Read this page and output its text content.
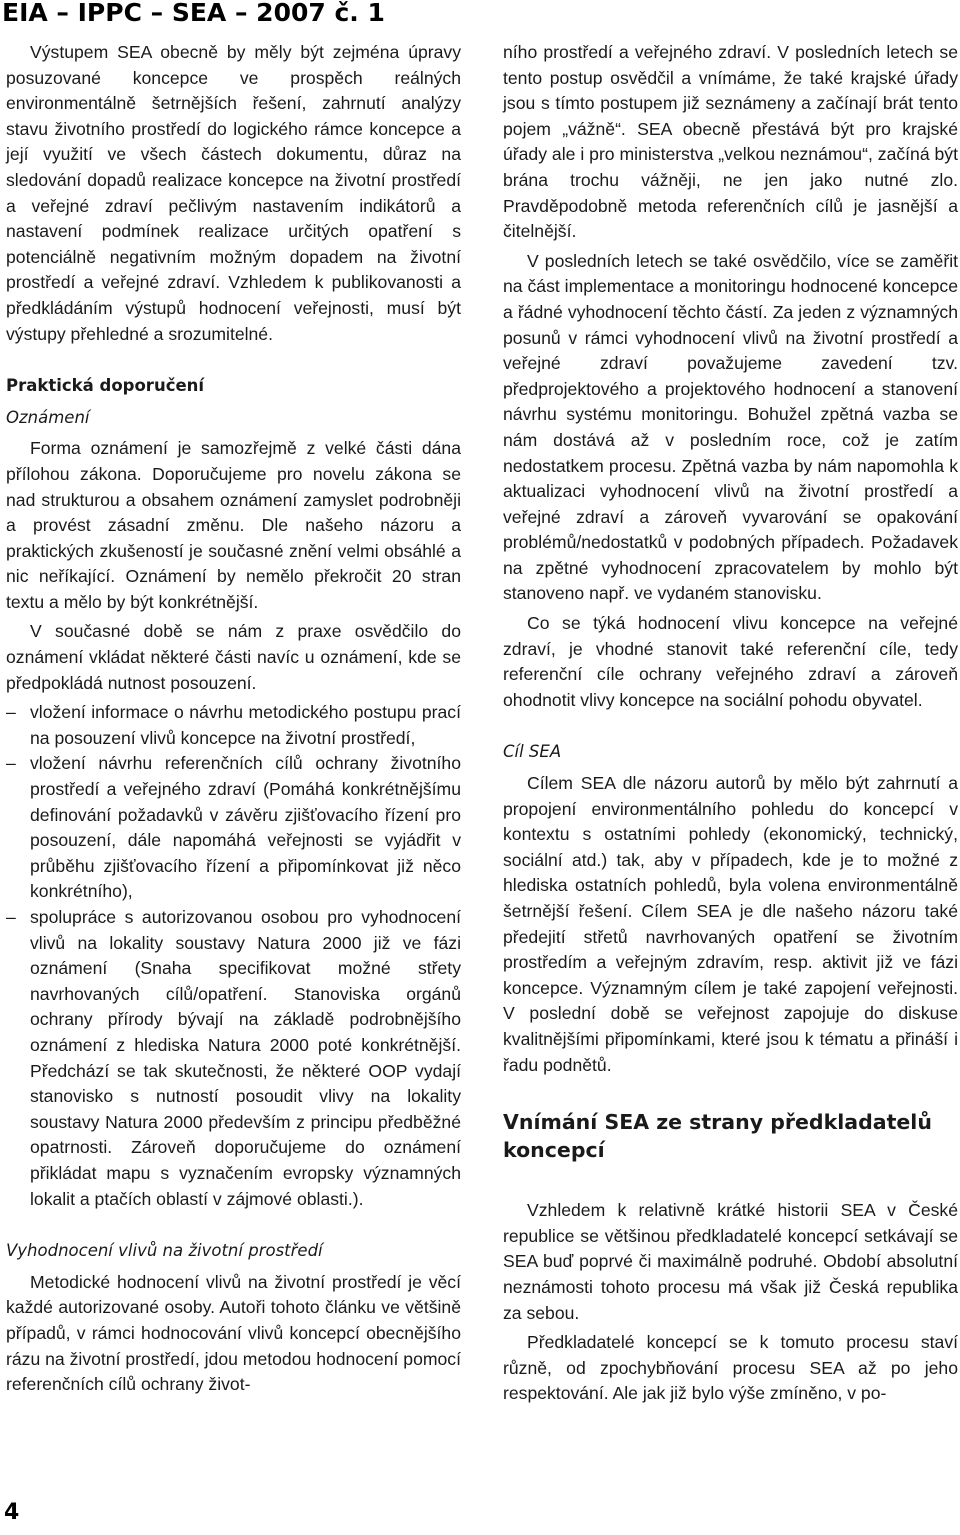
EIA – IPPC – SEA – 2007 č. 1

Výstupem SEA obecně by měly být zejména úpravy posuzované koncepce ve prospěch reálných environmentálně šetrnějších řešení, zahrnutí analýzy stavu životního prostředí do logického rámce koncepce a její využití ve všech částech dokumentu, důraz na sledování dopadů realizace koncepce na životní prostředí a veřejné zdraví pečlivým nastavením indikátorů a nastavení podmínek realizace určitých opatření s potenciálně negativním možným dopadem na životní prostředí a veřejné zdraví. Vzhledem k publikovanosti a předkládáním výstupů hodnocení veřejnosti, musí být výstupy přehledné a srozumitelné.

Praktická doporučení
Oznámení

Forma oznámení je samozřejmě z velké části dána přílohou zákona. Doporučujeme pro novelu zákona se nad strukturou a obsahem oznámení zamyslet podrobněji a provést zásadní změnu. Dle našeho názoru a praktických zkušeností je současné znění velmi obsáhlé a nic neříkající. Oznámení by nemělo překročit 20 stran textu a mělo by být konkrétnější.

V současné době se nám z praxe osvědčilo do oznámení vkládat některé části navíc u oznámení, kde se předpokládá nutnost posouzení.

– vložení informace o návrhu metodického postupu prací na posouzení vlivů koncepce na životní prostředí,
– vložení návrhu referenčních cílů ochrany životního prostředí a veřejného zdraví (Pomáhá konkrétnějšímu definování požadavků v závěru zjišťovacího řízení pro posouzení, dále napomáhá veřejnosti se vyjádřit v průběhu zjišťovacího řízení a připomínkovat již něco konkrétního),
– spolupráce s autorizovanou osobou pro vyhodnocení vlivů na lokality soustavy Natura 2000 již ve fázi oznámení (Snaha specifikovat možné střety navrhovaných cílů/opatření. Stanoviska orgánů ochrany přírody bývají na základě podrobnějšího oznámení z hlediska Natura 2000 poté konkrétnější. Předchází se tak skutečnosti, že některé OOP vydají stanovisko s nutností posoudit vlivy na lokality soustavy Natura 2000 především z principu předběžné opatrnosti. Zároveň doporučujeme do oznámení přikládat mapu s vyznačením evropsky významných lokalit a ptačích oblastí v zájmové oblasti.).
Vyhodnocení vlivů na životní prostředí

Metodické hodnocení vlivů na životní prostředí je věcí každé autorizované osoby. Autoři tohoto článku ve většině případů, v rámci hodnocování vlivů koncepcí obecnějšího rázu na životní prostředí, jdou metodou hodnocení pomocí referenčních cílů ochrany život-

ního prostředí a veřejného zdraví. V posledních letech se tento postup osvědčil a vnímáme, že také krajské úřady jsou s tímto postupem již seznámeny a začínají brát tento pojem „vážně“. SEA obecně přestává být pro krajské úřady ale i pro ministerstva „velkou neznámou“, začíná být brána trochu vážněji, ne jen jako nutné zlo. Pravděpodobně metoda referenčních cílů je jasnější a čitelnější.

V posledních letech se také osvědčilo, více se zaměřit na část implementace a monitoringu hodnocené koncepce a řádné vyhodnocení těchto částí. Za jeden z významných posunů v rámci vyhodnocení vlivů na životní prostředí a veřejné zdraví považujeme zavedení tzv. předprojektového a projektového hodnocení a stanovení návrhu systému monitoringu. Bohužel zpětná vazba se nám dostává až v posledním roce, což je zatím nedostatkem procesu. Zpětná vazba by nám napomohla k aktualizaci vyhodnocení vlivů na životní prostředí a veřejné zdraví a zároveň vyvarování se opakování problémů/nedostatků v podobných případech. Požadavek na zpětné vyhodnocení zpracovatelem by mohlo být stanoveno např. ve vydaném stanovisku.

Co se týká hodnocení vlivu koncepce na veřejné zdraví, je vhodné stanovit také referenční cíle, tedy referenční cíle ochrany veřejného zdraví a zároveň ohodnotit vlivy koncepce na sociální pohodu obyvatel.

Cíl SEA

Cílem SEA dle názoru autorů by mělo být zahrnutí a propojení environmentálního pohledu do koncepcí v kontextu s ostatními pohledy (ekonomický, technický, sociální atd.) tak, aby v případech, kde je to možné z hlediska ostatních pohledů, byla volena environmentálně šetrnější řešení. Cílem SEA je dle našeho názoru také předejití střetů navrhovaných opatření se životním prostředím a veřejným zdravím, resp. aktivit již ve fázi koncepce. Významným cílem je také zapojení veřejnosti. V poslední době se veřejnost zapojuje do diskuse kvalitnějšími připomínkami, které jsou k tématu a přináší i řadu podnětů.

Vnímání SEA ze strany předkladatelů koncepcí

Vzhledem k relativně krátké historii SEA v České republice se většinou předkladatelé koncepcí setkávají se SEA buď poprvé či maximálně podruhé. Období absolutní neznámosti tohoto procesu má však již Česká republika za sebou.

Předkladatelé koncepcí se k tomuto procesu staví různě, od zpochybňování procesu SEA až po jeho respektování. Ale jak již bylo výše zmíněno, v po-

4
